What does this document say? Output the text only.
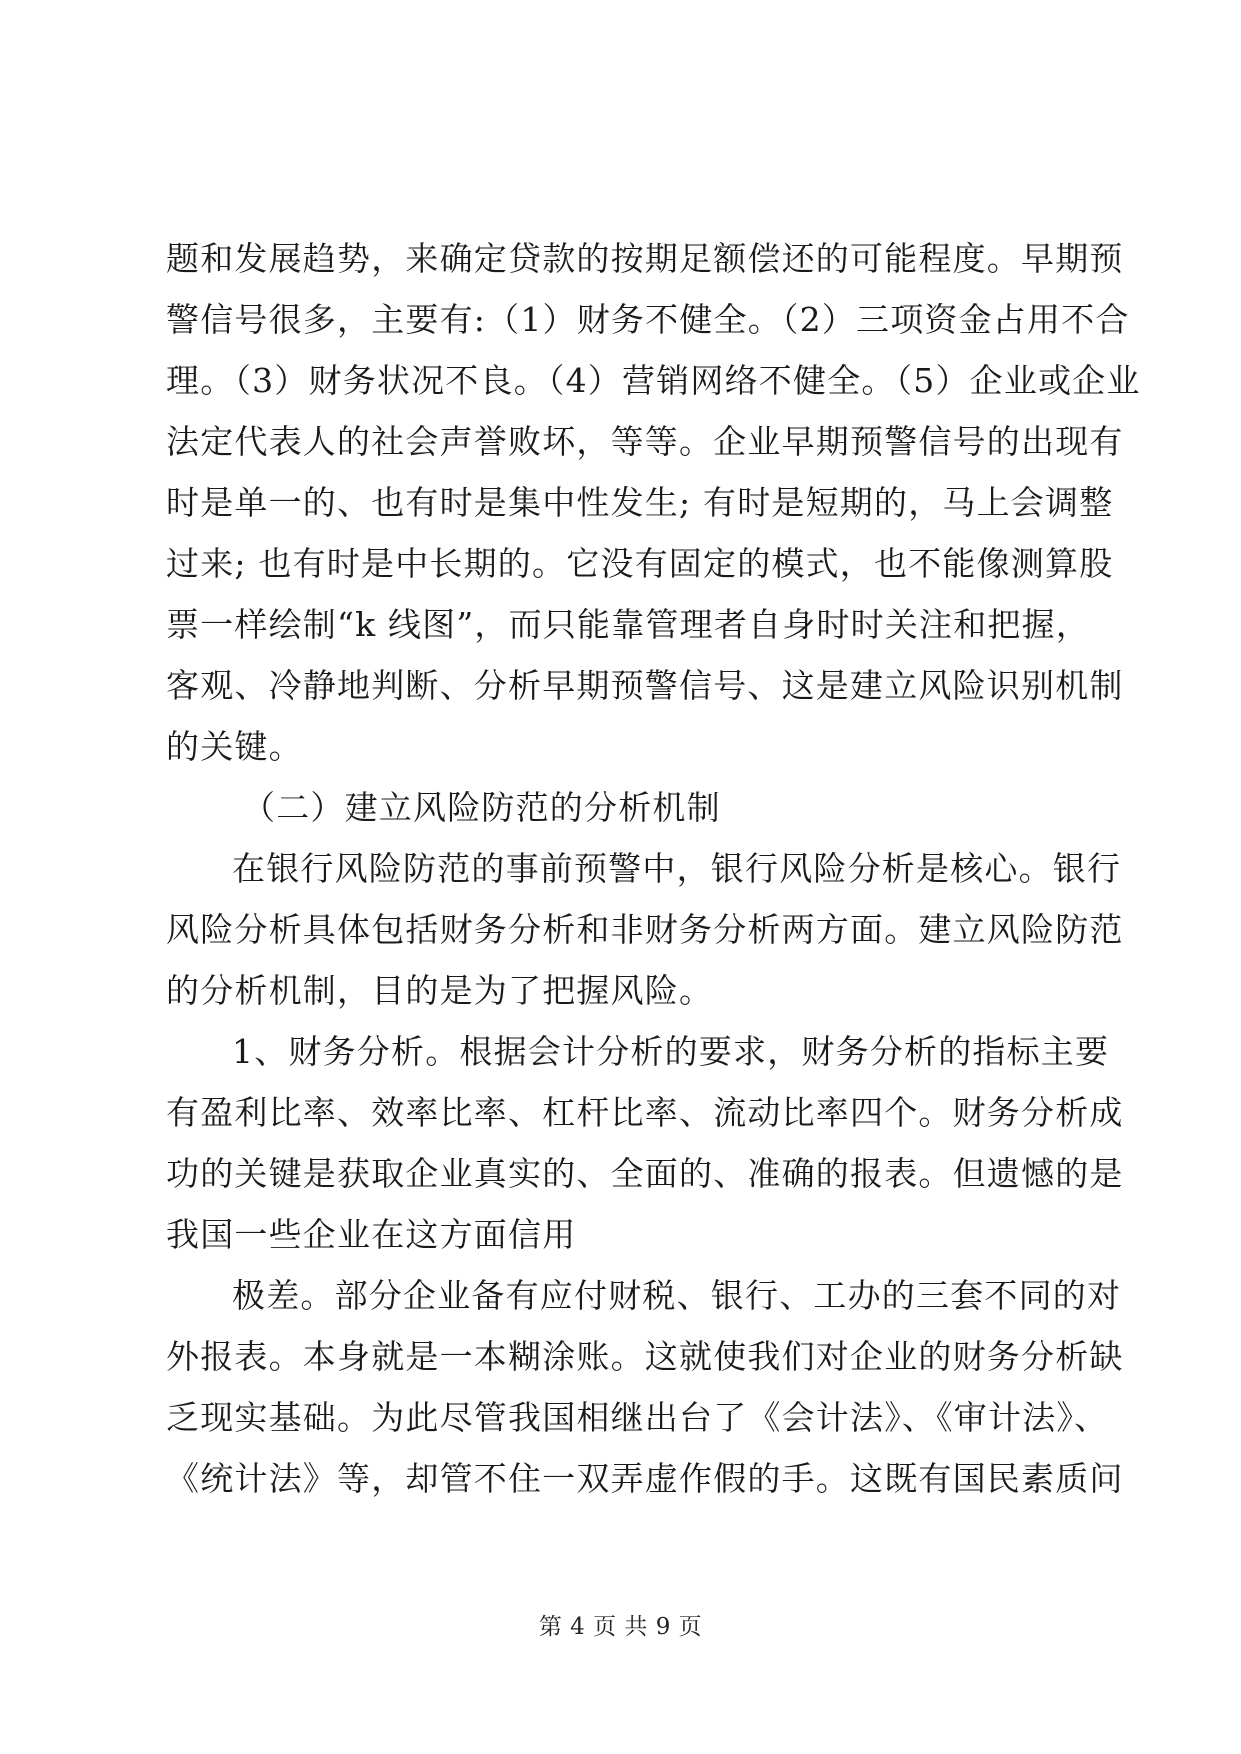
题和发展趋势，来确定贷款的按期足额偿还的可能程度。早期预
警信号很多，主要有:（1）财务不健全。（2）三项资金占用不合
理。（3）财务状况不良。（4）营销网络不健全。（5）企业或企业
法定代表人的社会声誉败坏，等等。企业早期预警信号的出现有
时是单一的、也有时是集中性发生; 有时是短期的，马上会调整
过来; 也有时是中长期的。它没有固定的模式，也不能像测算股
票一样绘制“k 线图”，而只能靠管理者自身时时关注和把握，
客观、冷静地判断、分析早期预警信号、这是建立风险识别机制
的关键。
（二）建立风险防范的分析机制
在银行风险防范的事前预警中，银行风险分析是核心。银行
风险分析具体包括财务分析和非财务分析两方面。建立风险防范
的分析机制，目的是为了把握风险。
1、财务分析。根据会计分析的要求，财务分析的指标主要
有盈利比率、效率比率、杠杆比率、流动比率四个。财务分析成
功的关键是获取企业真实的、全面的、准确的报表。但遗憾的是
我国一些企业在这方面信用
极差。部分企业备有应付财税、银行、工办的三套不同的对
外报表。本身就是一本糊涂账。这就使我们对企业的财务分析缺
乏现实基础。为此尽管我国相继出台了《会计法》、《审计法》、
《统计法》等，却管不住一双弄虚作假的手。这既有国民素质问
第 4 页 共 9 页
